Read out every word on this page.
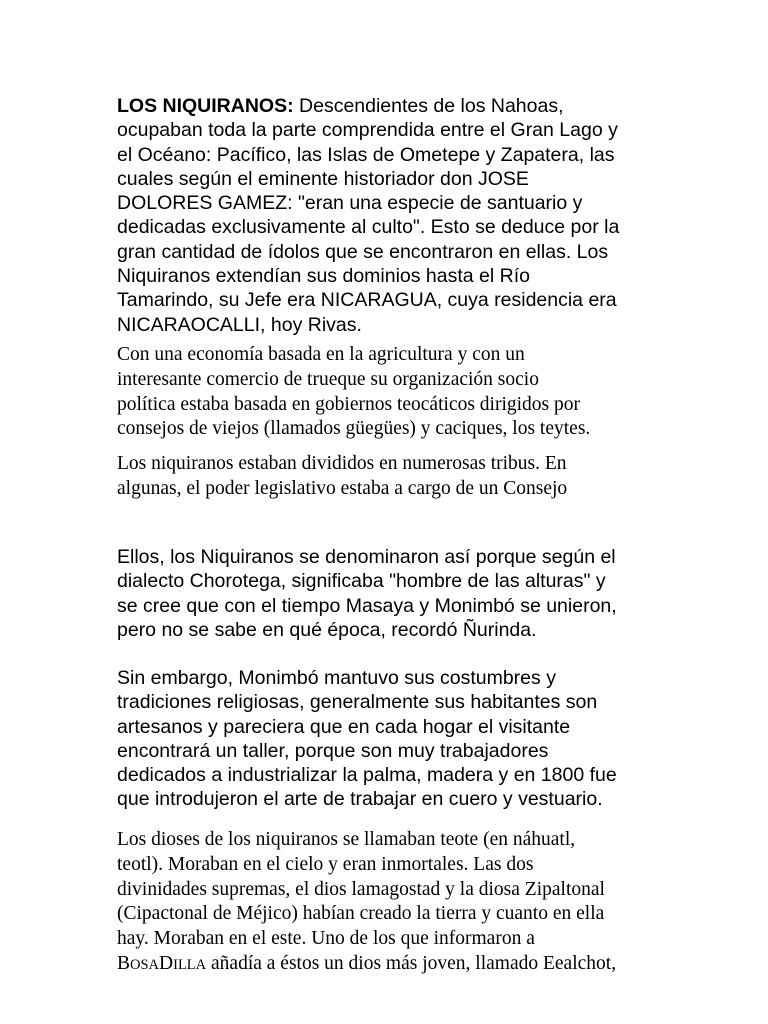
LOS NIQUIRANOS: Descendientes de los Nahoas,
ocupaban toda la parte comprendida entre el Gran Lago y
el Océano: Pacífico, las Islas de Ometepe y Zapatera, las
cuales según el eminente historiador don JOSE
DOLORES GAMEZ: "eran una especie de santuario y
dedicadas exclusivamente al culto". Esto se deduce por la
gran cantidad de ídolos que se encontraron en ellas. Los
Niquiranos extendían sus dominios hasta el Río
Tamarindo, su Jefe era NICARAGUA, cuya residencia era
NICARAOCALLI, hoy Rivas.

Con una economía basada en la agricultura y con un
interesante comercio de trueque su organización socio
política estaba basada en gobiernos teocáticos dirigidos por
consejos de viejos (llamados güegües) y caciques, los teytes.

Los niquiranos estaban divididos en numerosas tribus. En
algunas, el poder legislativo estaba a cargo de un Consejo

Ellos, los Niquiranos se denominaron así porque según el
dialecto Chorotega, significaba "hombre de las alturas" y
se cree que con el tiempo Masaya y Monimbó se unieron,
pero no se sabe en qué época, recordó Ñurinda.

Sin embargo, Monimbó mantuvo sus costumbres y
tradiciones religiosas, generalmente sus habitantes son
artesanos y pareciera que en cada hogar el visitante
encontrará un taller, porque son muy trabajadores
dedicados a industrializar la palma, madera y en 1800 fue
que introdujeron el arte de trabajar en cuero y vestuario.

Los dioses de los niquiranos se llamaban teote (en náhuatl,
teotl). Moraban en el cielo y eran inmortales. Las dos
divinidades supremas, el dios lamagostad y la diosa Zipaltonal
(Cipactonal de Méjico) habían creado la tierra y cuanto en ella
hay. Moraban en el este. Uno de los que informaron a
BOSADILLA añadía a éstos un dios más joven, llamado Eealchot,
